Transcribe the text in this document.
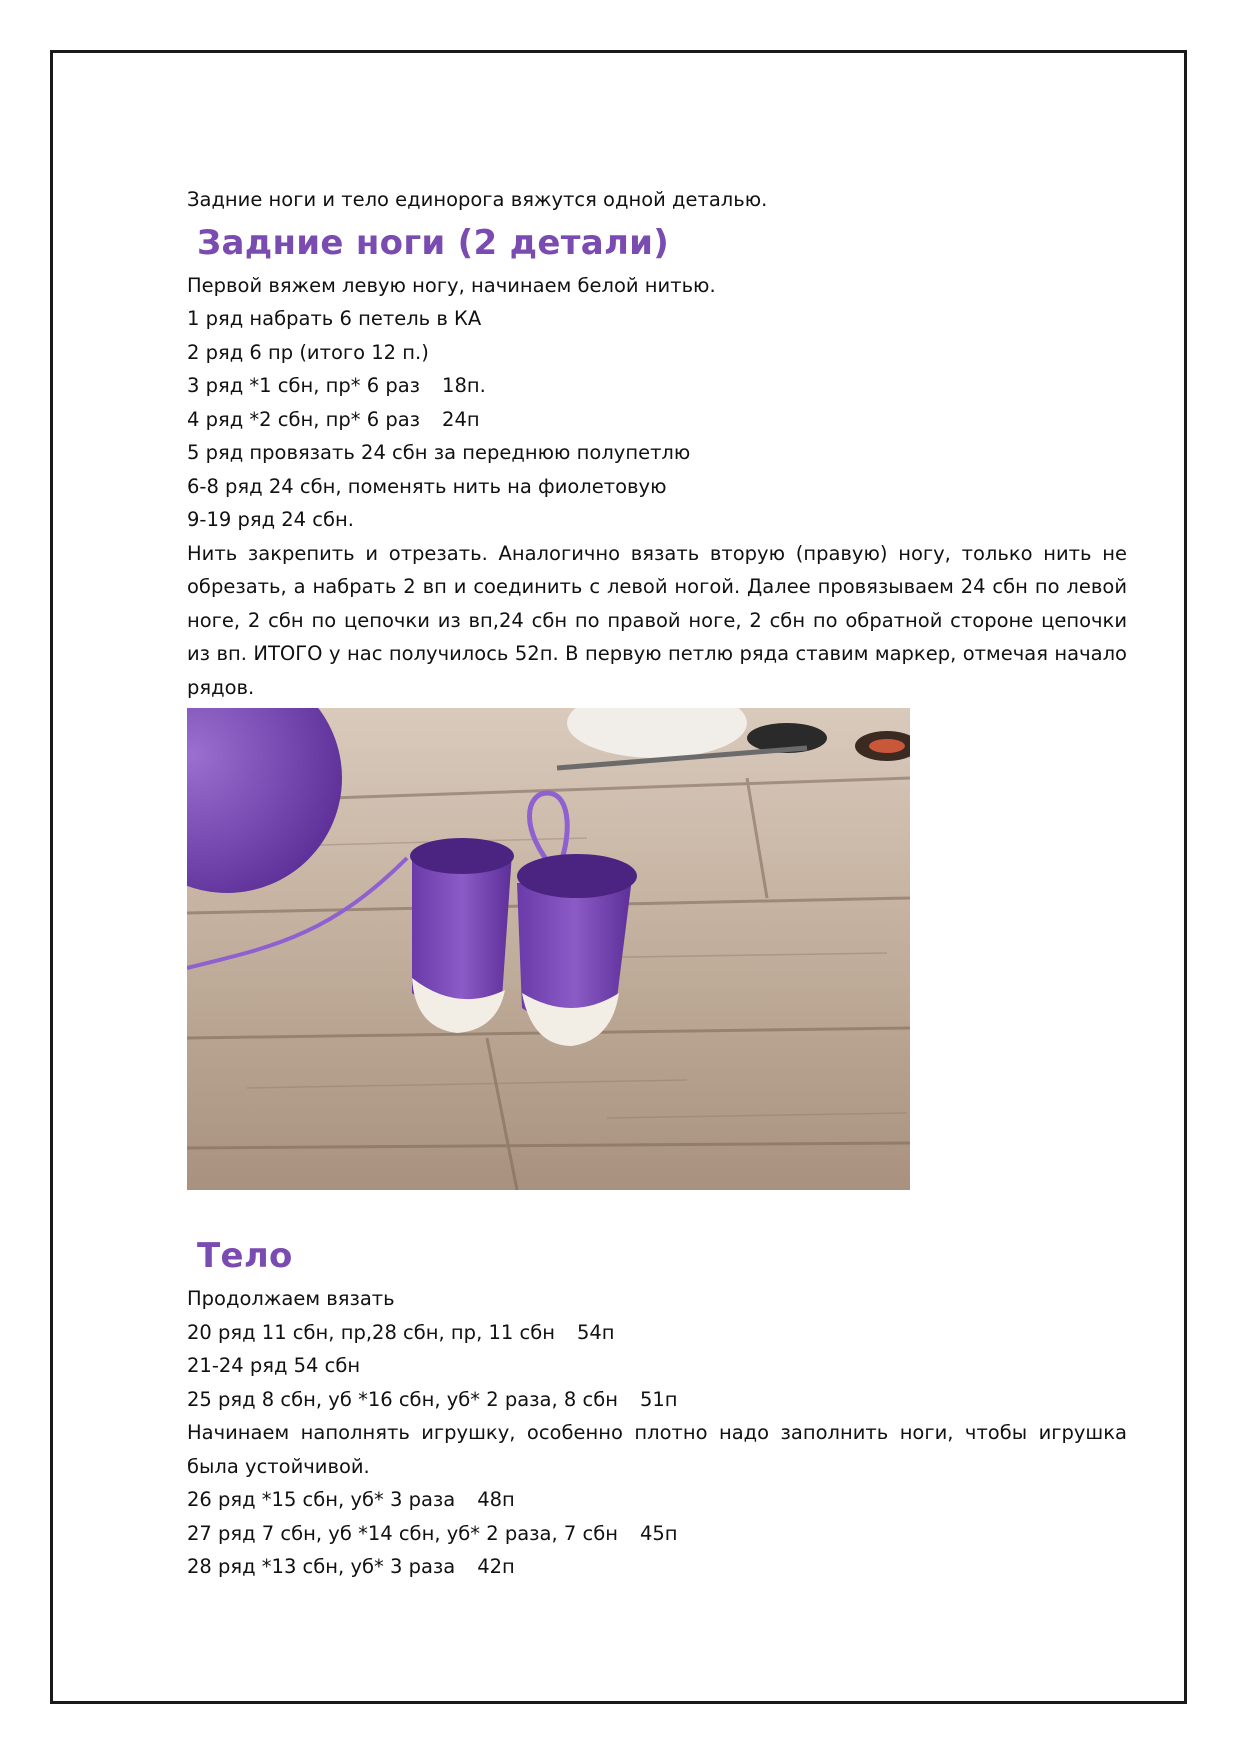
Задние ноги и тело единорога вяжутся одной деталью.

Задние ноги (2 детали)

Первой вяжем левую ногу, начинаем белой нитью.

1 ряд набрать 6 петель в КА

2 ряд 6 пр (итого 12 п.)

3 ряд *1 сбн, пр* 6 раз 18п.

4 ряд *2 сбн, пр* 6 раз 24п

5 ряд провязать 24 сбн за переднюю полупетлю

6-8 ряд 24 сбн, поменять нить на фиолетовую

9-19 ряд 24 сбн.

Нить закрепить и отрезать. Аналогично вязать вторую (правую) ногу, только нить не обрезать, а набрать 2 вп и соединить с левой ногой. Далее провязываем 24 сбн по левой ноге, 2 сбн по цепочки из вп,24 сбн по правой ноге, 2 сбн по обратной стороне цепочки из вп. ИТОГО у нас получилось 52п. В первую петлю ряда ставим маркер, отмечая начало рядов.

Тело

Продолжаем вязать

20 ряд 11 сбн, пр,28 сбн, пр, 11 сбн 54п

21-24 ряд 54 сбн

25 ряд 8 сбн, уб *16 сбн, уб* 2 раза, 8 сбн 51п

Начинаем наполнять игрушку, особенно плотно надо заполнить ноги, чтобы игрушка была устойчивой.

26 ряд *15 сбн, уб* 3 раза 48п

27 ряд 7 сбн, уб *14 сбн, уб* 2 раза, 7 сбн 45п

28 ряд *13 сбн, уб* 3 раза 42п
